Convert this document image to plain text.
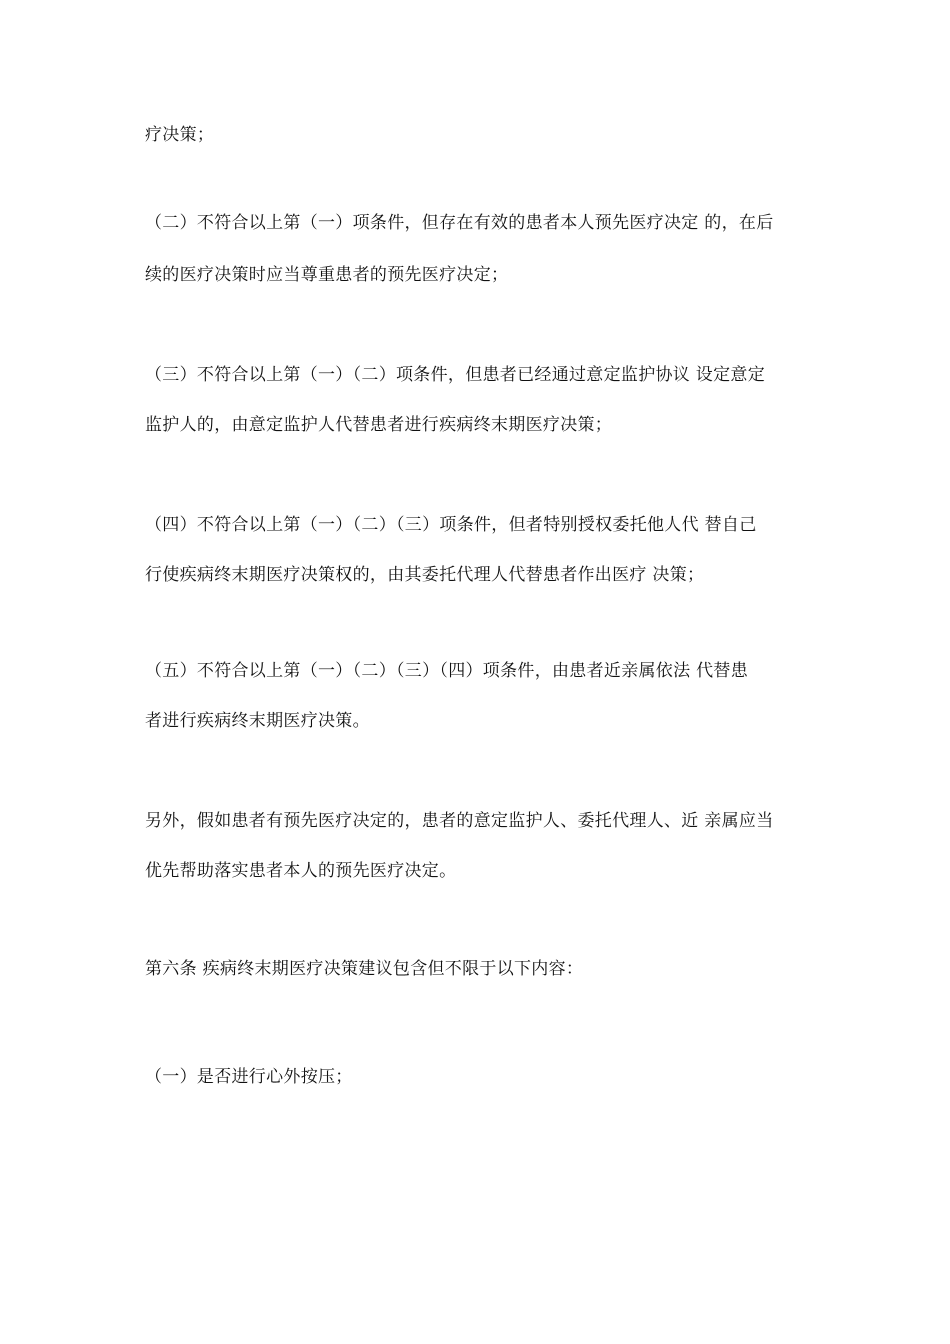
疗决策；
（二）不符合以上第（一）项条件，但存在有效的患者本人预先医疗决定 的，在后
续的医疗决策时应当尊重患者的预先医疗决定；
（三）不符合以上第（一）（二）项条件，但患者已经通过意定监护协议 设定意定
监护人的，由意定监护人代替患者进行疾病终末期医疗决策；
（四）不符合以上第（一）（二）（三）项条件，但者特别授权委托他人代 替自己
行使疾病终末期医疗决策权的，由其委托代理人代替患者作出医疗 决策；
（五）不符合以上第（一）（二）（三）（四）项条件，由患者近亲属依法 代替患
者进行疾病终末期医疗决策。
另外，假如患者有预先医疗决定的，患者的意定监护人、委托代理人、近 亲属应当
优先帮助落实患者本人的预先医疗决定。
第六条 疾病终末期医疗决策建议包含但不限于以下内容：
（一）是否进行心外按压；
